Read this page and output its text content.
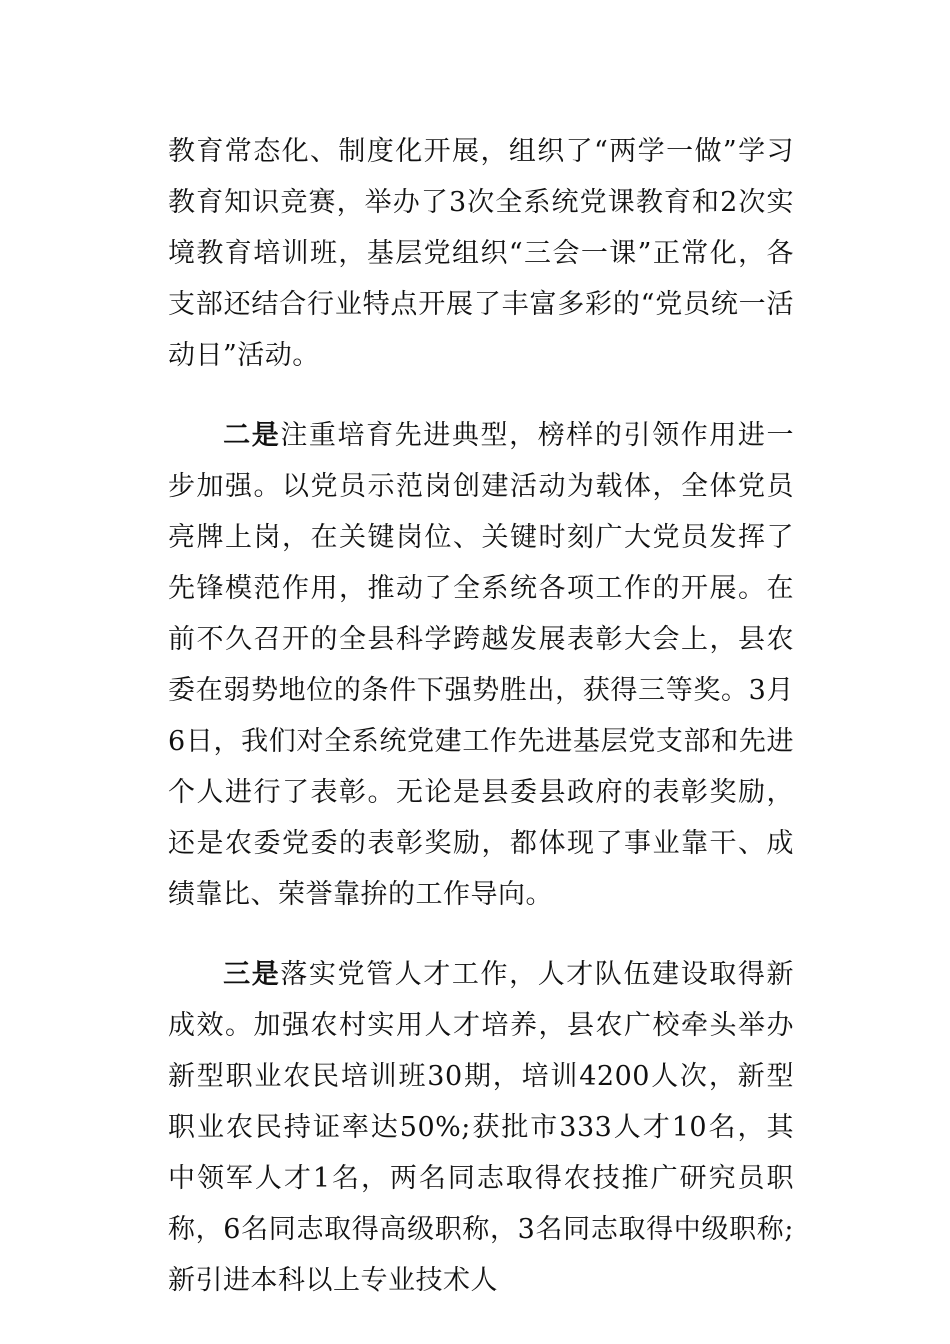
教育常态化、制度化开展，组织了“两学一做”学习教育知识竞赛，举办了3次全系统党课教育和2次实境教育培训班，基层党组织“三会一课”正常化，各支部还结合行业特点开展了丰富多彩的“党员统一活动日”活动。

二是注重培育先进典型，榜样的引领作用进一步加强。以党员示范岗创建活动为载体，全体党员亮牌上岗，在关键岗位、关键时刻广大党员发挥了先锋模范作用，推动了全系统各项工作的开展。在前不久召开的全县科学跨越发展表彰大会上，县农委在弱势地位的条件下强势胜出，获得三等奖。3月6日，我们对全系统党建工作先进基层党支部和先进个人进行了表彰。无论是县委县政府的表彰奖励，还是农委党委的表彰奖励，都体现了事业靠干、成绩靠比、荣誉靠拚的工作导向。

三是落实党管人才工作，人才队伍建设取得新成效。加强农村实用人才培养，县农广校牵头举办新型职业农民培训班30期，培训4200人次，新型职业农民持证率达50%;获批市333人才10名，其中领军人才1名，两名同志取得农技推广研究员职称，6名同志取得高级职称，3名同志取得中级职称;新引进本科以上专业技术人
